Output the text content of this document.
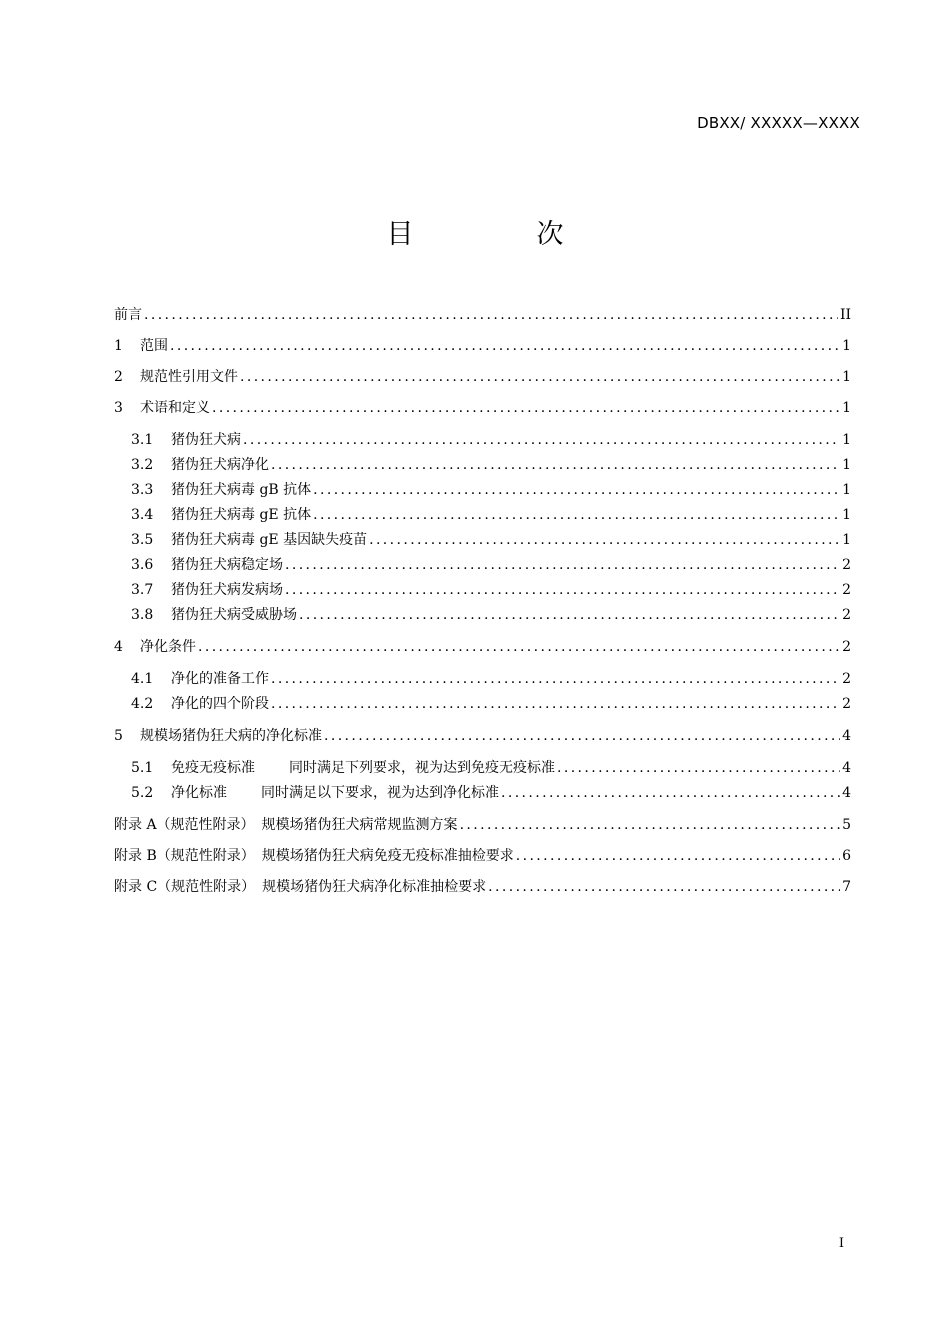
DBXX/ XXXXX—XXXX
目　次
前言 .....	II
1	范围 .....	1
2	规范性引用文件 .....	1
3	术语和定义 .....	1
3.1	猪伪狂犬病 .....	1
3.2	猪伪狂犬病净化 .....	1
3.3	猪伪狂犬病毒 gB 抗体 .....	1
3.4	猪伪狂犬病毒 gE 抗体 .....	1
3.5	猪伪狂犬病毒 gE 基因缺失疫苗 .....	1
3.6	猪伪狂犬病稳定场 .....	2
3.7	猪伪狂犬病发病场 .....	2
3.8	猪伪狂犬病受威胁场 .....	2
4	净化条件 .....	2
4.1	净化的准备工作 .....	2
4.2	净化的四个阶段 .....	2
5	规模场猪伪狂犬病的净化标准 .....	4
5.1	免疫无疫标准	同时满足下列要求，视为达到免疫无疫标准 .....	4
5.2	净化标准	同时满足以下要求，视为达到净化标准 .....	4
附录 A（规范性附录）　规模场猪伪狂犬病常规监测方案 .....	5
附录 B（规范性附录）　规模场猪伪狂犬病免疫无疫标准抽检要求 .....	6
附录 C（规范性附录）　规模场猪伪狂犬病净化标准抽检要求 .....	7
I
